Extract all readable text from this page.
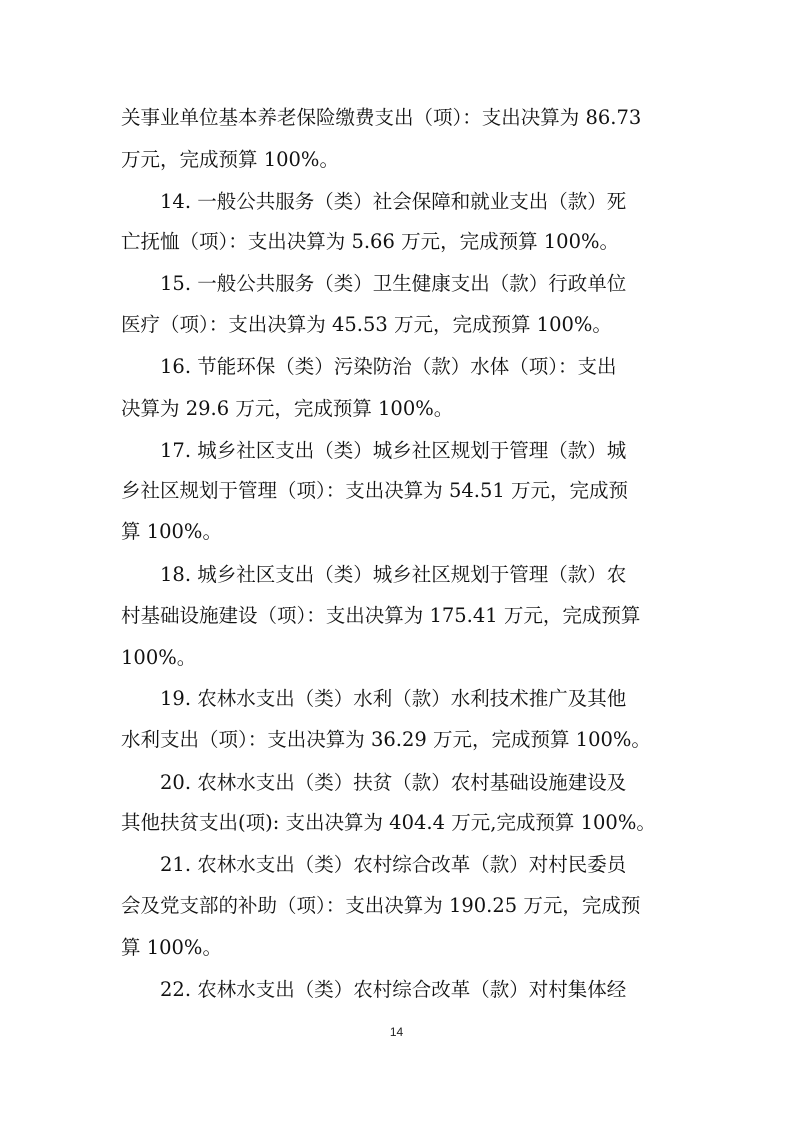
关事业单位基本养老保险缴费支出（项）：支出决算为 86.73
万元，完成预算 100%。
14. 一般公共服务（类）社会保障和就业支出（款）死
亡抚恤（项）：支出决算为 5.66 万元，完成预算 100%。
15. 一般公共服务（类）卫生健康支出（款）行政单位
医疗（项）：支出决算为 45.53 万元，完成预算 100%。
16. 节能环保（类）污染防治（款）水体（项）：支出
决算为 29.6 万元，完成预算 100%。
17. 城乡社区支出（类）城乡社区规划于管理（款）城
乡社区规划于管理（项）：支出决算为 54.51 万元，完成预
算 100%。
18. 城乡社区支出（类）城乡社区规划于管理（款）农
村基础设施建设（项）：支出决算为 175.41 万元，完成预算
100%。
19. 农林水支出（类）水利（款）水利技术推广及其他
水利支出（项）：支出决算为 36.29 万元，完成预算 100%。
20. 农林水支出（类）扶贫（款）农村基础设施建设及
其他扶贫支出(项): 支出决算为 404.4 万元,完成预算 100%。
21. 农林水支出（类）农村综合改革（款）对村民委员
会及党支部的补助（项）：支出决算为 190.25 万元，完成预
算 100%。
22. 农林水支出（类）农村综合改革（款）对村集体经
14
